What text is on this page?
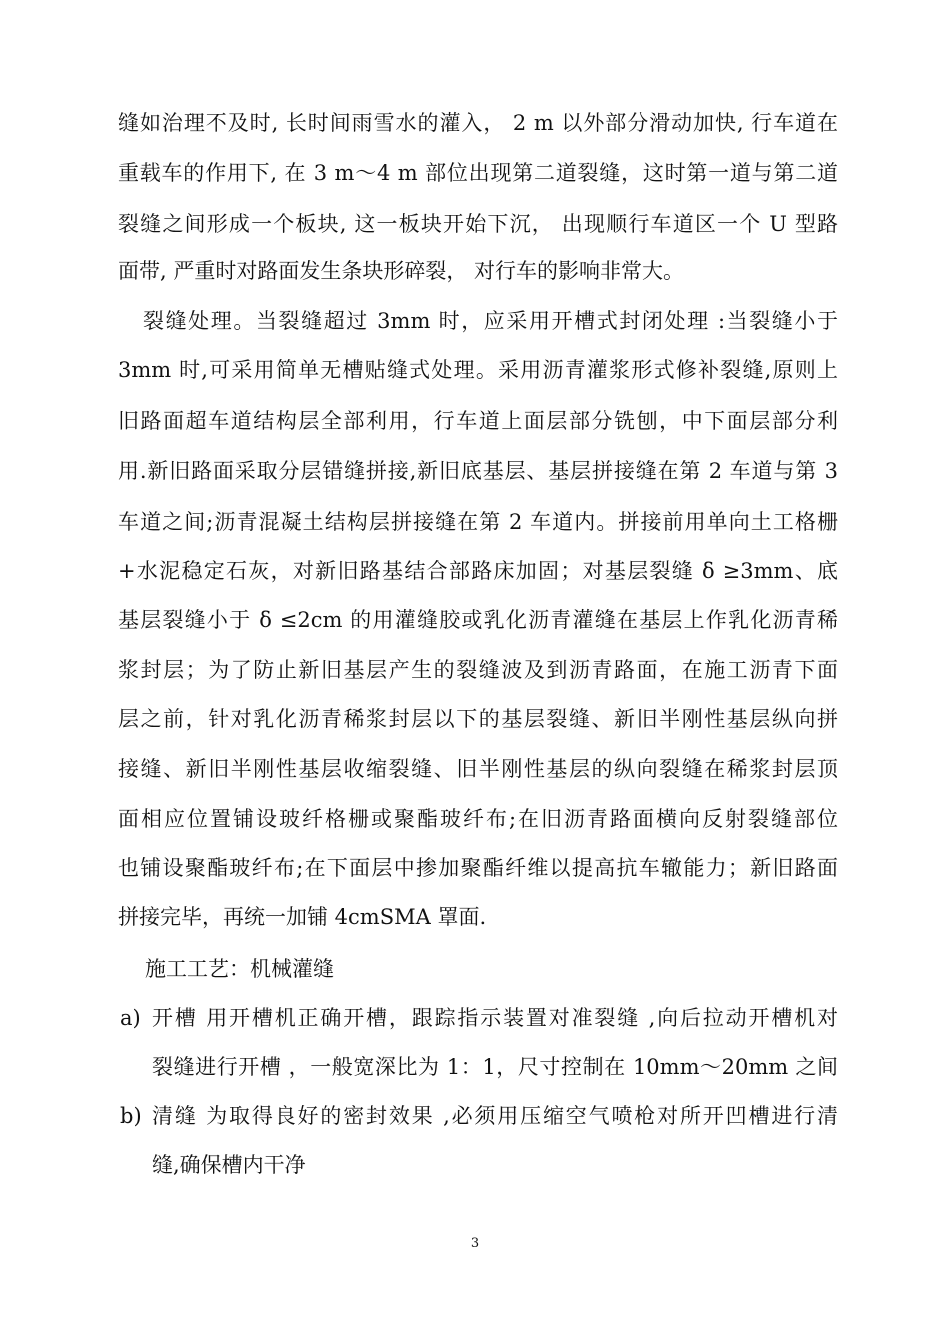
缝如治理不及时, 长时间雨雪水的灌入， 2 m 以外部分滑动加快, 行车道在
重载车的作用下, 在 3 m～4 m 部位出现第二道裂缝，这时第一道与第二道
裂缝之间形成一个板块, 这一板块开始下沉， 出现顺行车道区一个 U 型路
面带, 严重时对路面发生条块形碎裂， 对行车的影响非常大。
裂缝处理。当裂缝超过 3mm 时，应采用开槽式封闭处理 :当裂缝小于
3mm 时,可采用简单无槽贴缝式处理。采用沥青灌浆形式修补裂缝,原则上
旧路面超车道结构层全部利用，行车道上面层部分铣刨，中下面层部分利
用.新旧路面采取分层错缝拼接,新旧底基层、基层拼接缝在第 2 车道与第 3
车道之间;沥青混凝土结构层拼接缝在第 2 车道内。拼接前用单向土工格栅
+水泥稳定石灰，对新旧路基结合部路床加固；对基层裂缝 δ ≥3mm、底
基层裂缝小于 δ ≤2cm 的用灌缝胶或乳化沥青灌缝在基层上作乳化沥青稀
浆封层；为了防止新旧基层产生的裂缝波及到沥青路面，在施工沥青下面
层之前，针对乳化沥青稀浆封层以下的基层裂缝、新旧半刚性基层纵向拼
接缝、新旧半刚性基层收缩裂缝、旧半刚性基层的纵向裂缝在稀浆封层顶
面相应位置铺设玻纤格栅或聚酯玻纤布;在旧沥青路面横向反射裂缝部位
也铺设聚酯玻纤布;在下面层中掺加聚酯纤维以提高抗车辙能力；新旧路面
拼接完毕，再统一加铺 4cmSMA 罩面.
施工工艺：机械灌缝
a) 开槽 用开槽机正确开槽，跟踪指示装置对准裂缝 ,向后拉动开槽机对
裂缝进行开槽 ，一般宽深比为 1：1，尺寸控制在 10mm～20mm 之间
b) 清缝 为取得良好的密封效果 ,必须用压缩空气喷枪对所开凹槽进行清
缝,确保槽内干净
3
